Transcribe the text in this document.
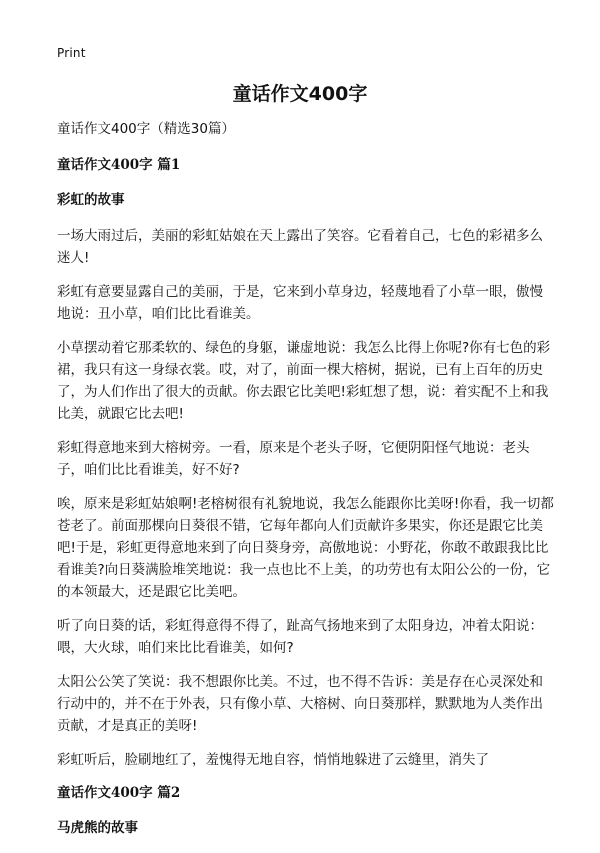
Print
童话作文400字
童话作文400字（精选30篇）
童话作文400字 篇1
彩虹的故事

一场大雨过后，美丽的彩虹姑娘在天上露出了笑容。它看着自己，七色的彩裙多么迷人!

彩虹有意要显露自己的美丽，于是，它来到小草身边，轻蔑地看了小草一眼，傲慢地说：丑小草，咱们比比看谁美。

小草摆动着它那柔软的、绿色的身躯，谦虚地说：我怎么比得上你呢?你有七色的彩裙，我只有这一身绿衣裳。哎，对了，前面一棵大榕树，据说，已有上百年的历史了，为人们作出了很大的贡献。你去跟它比美吧!彩虹想了想，说：着实配不上和我比美，就跟它比去吧!

彩虹得意地来到大榕树旁。一看，原来是个老头子呀，它便阴阳怪气地说：老头子，咱们比比看谁美，好不好?

唉，原来是彩虹姑娘啊!老榕树很有礼貌地说，我怎么能跟你比美呀!你看，我一切都苍老了。前面那棵向日葵很不错，它每年都向人们贡献许多果实，你还是跟它比美吧!于是，彩虹更得意地来到了向日葵身旁，高傲地说：小野花，你敢不敢跟我比比看谁美?向日葵满脸堆笑地说：我一点也比不上美，的功劳也有太阳公公的一份，它的本领最大，还是跟它比美吧。

听了向日葵的话，彩虹得意得不得了，趾高气扬地来到了太阳身边，冲着太阳说：喂，大火球，咱们来比比看谁美，如何?

太阳公公笑了笑说：我不想跟你比美。不过，也不得不告诉：美是存在心灵深处和行动中的，并不在于外表，只有像小草、大榕树、向日葵那样，默默地为人类作出贡献，才是真正的美呀!

彩虹听后，脸刷地红了，羞愧得无地自容，悄悄地躲进了云缝里，消失了

童话作文400字 篇2
马虎熊的故事
